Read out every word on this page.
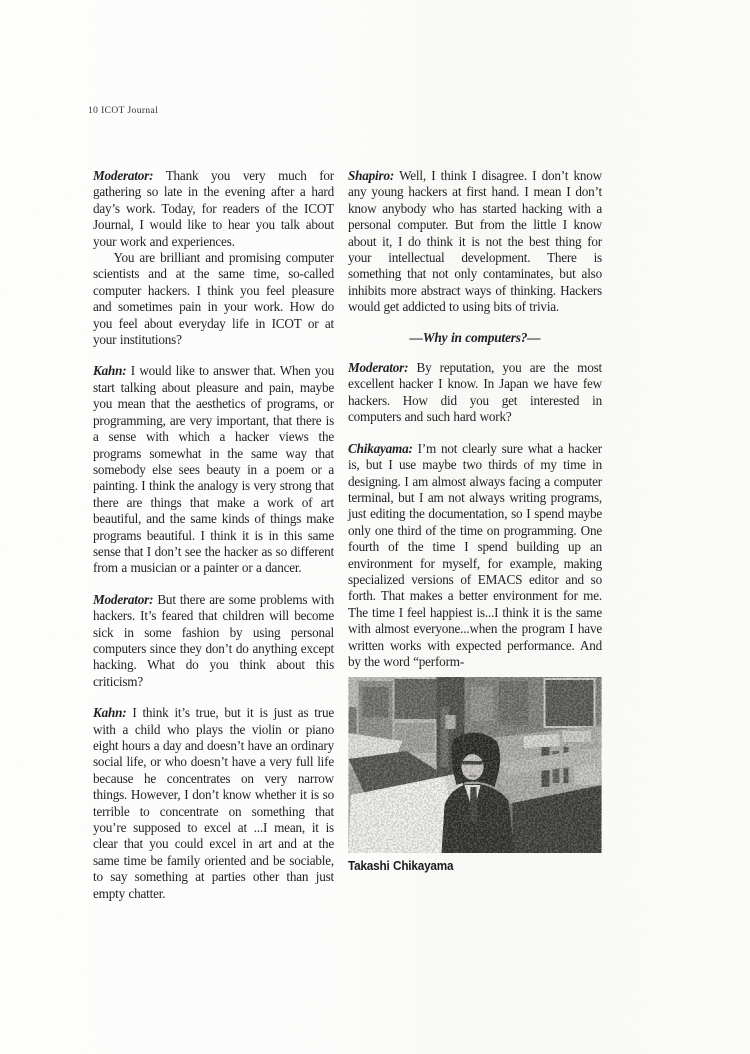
10 ICOT Journal

Moderator: Thank you very much for gathering so late in the evening after a hard day’s work. Today, for readers of the ICOT Journal, I would like to hear you talk about your work and experiences.

You are brilliant and promising computer scientists and at the same time, so-called computer hackers. I think you feel pleasure and sometimes pain in your work. How do you feel about everyday life in ICOT or at your institutions?

Kahn: I would like to answer that. When you start talking about pleasure and pain, maybe you mean that the aesthetics of programs, or programming, are very important, that there is a sense with which a hacker views the programs somewhat in the same way that somebody else sees beauty in a poem or a painting. I think the analogy is very strong that there are things that make a work of art beautiful, and the same kinds of things make programs beautiful. I think it is in this same sense that I don’t see the hacker as so different from a musician or a painter or a dancer.

Moderator: But there are some problems with hackers. It’s feared that children will become sick in some fashion by using personal computers since they don’t do anything except hacking. What do you think about this criticism?

Kahn: I think it’s true, but it is just as true with a child who plays the violin or piano eight hours a day and doesn’t have an ordinary social life, or who doesn’t have a very full life because he concentrates on very narrow things. However, I don’t know whether it is so terrible to concentrate on something that you’re supposed to excel at ...I mean, it is clear that you could excel in art and at the same time be family oriented and be sociable, to say something at parties other than just empty chatter.

Shapiro: Well, I think I disagree. I don’t know any young hackers at first hand. I mean I don’t know anybody who has started hacking with a personal computer. But from the little I know about it, I do think it is not the best thing for your intellectual development. There is something that not only contaminates, but also inhibits more abstract ways of thinking. Hackers would get addicted to using bits of trivia.

—Why in computers?—

Moderator: By reputation, you are the most excellent hacker I know. In Japan we have few hackers. How did you get interested in computers and such hard work?

Chikayama: I’m not clearly sure what a hacker is, but I use maybe two thirds of my time in designing. I am almost always facing a computer terminal, but I am not always writing programs, just editing the documentation, so I spend maybe only one third of the time on programming. One fourth of the time I spend building up an environment for myself, for example, making specialized versions of EMACS editor and so forth. That makes a better environment for me. The time I feel happiest is...I think it is the same with almost everyone...when the program I have written works with expected performance. And by the word “perform-

Takashi Chikayama
